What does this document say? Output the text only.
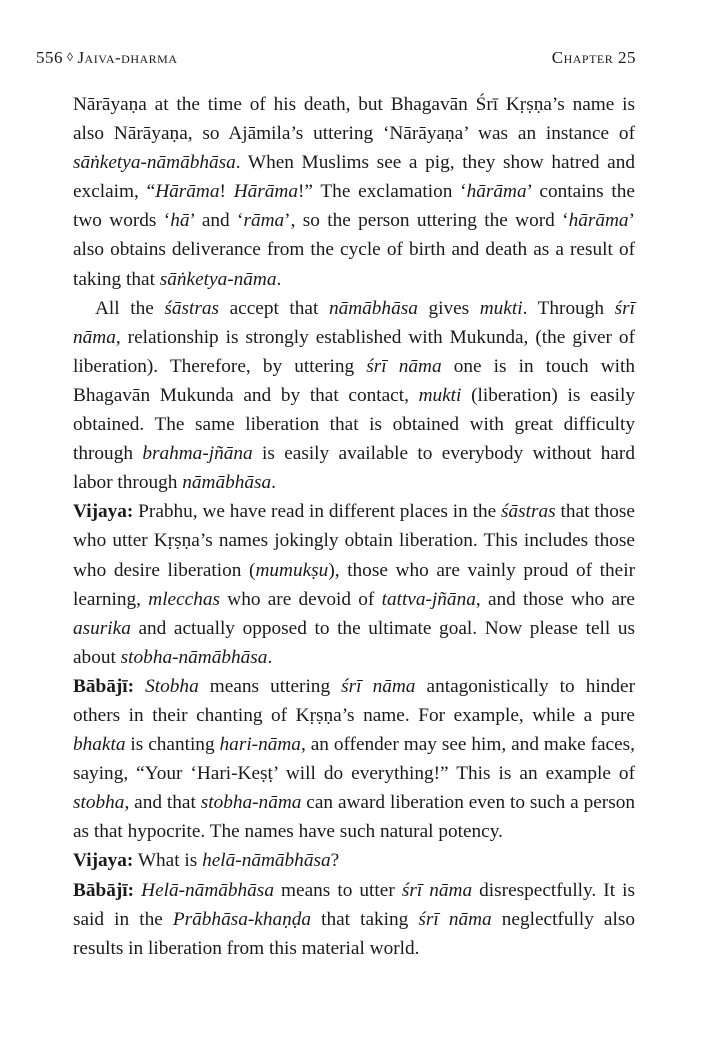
556 ◊ Jaiva-dharma	Chapter 25

Nārāyaṇa at the time of his death, but Bhagavān Śrī Kṛṣṇa’s name is also Nārāyaṇa, so Ajāmila’s uttering ‘Nārāyaṇa’ was an instance of sāṅketya-nāmābhāsa. When Muslims see a pig, they show hatred and exclaim, “Hārāma! Hārāma!” The exclamation ‘hārāma’ contains the two words ‘hā’ and ‘rāma’, so the person uttering the word ‘hārāma’ also obtains deliverance from the cycle of birth and death as a result of taking that sāṅketya-nāma.

All the śāstras accept that nāmābhāsa gives mukti. Through śrī nāma, relationship is strongly established with Mukunda, (the giver of liberation). Therefore, by uttering śrī nāma one is in touch with Bhagavān Mukunda and by that contact, mukti (liberation) is easily obtained. The same liberation that is obtained with great difficulty through brahma-jñāna is easily available to everybody without hard labor through nāmābhāsa.

Vijaya: Prabhu, we have read in different places in the śāstras that those who utter Kṛṣṇa’s names jokingly obtain liberation. This includes those who desire liberation (mumukṣu), those who are vainly proud of their learning, mlecchas who are devoid of tattva-jñāna, and those who are asurika and actually opposed to the ultimate goal. Now please tell us about stobha-nāmābhāsa.

Bābājī: Stobha means uttering śrī nāma antagonistically to hinder others in their chanting of Kṛṣṇa’s name. For example, while a pure bhakta is chanting hari-nāma, an offender may see him, and make faces, saying, “Your ‘Hari-Keṣṭ’ will do everything!” This is an example of stobha, and that stobha-nāma can award liberation even to such a person as that hypocrite. The names have such natural potency.

Vijaya: What is helā-nāmābhāsa?

Bābājī: Helā-nāmābhāsa means to utter śrī nāma disrespectfully. It is said in the Prābhāsa-khaṇḍa that taking śrī nāma neglectfully also results in liberation from this material world.
